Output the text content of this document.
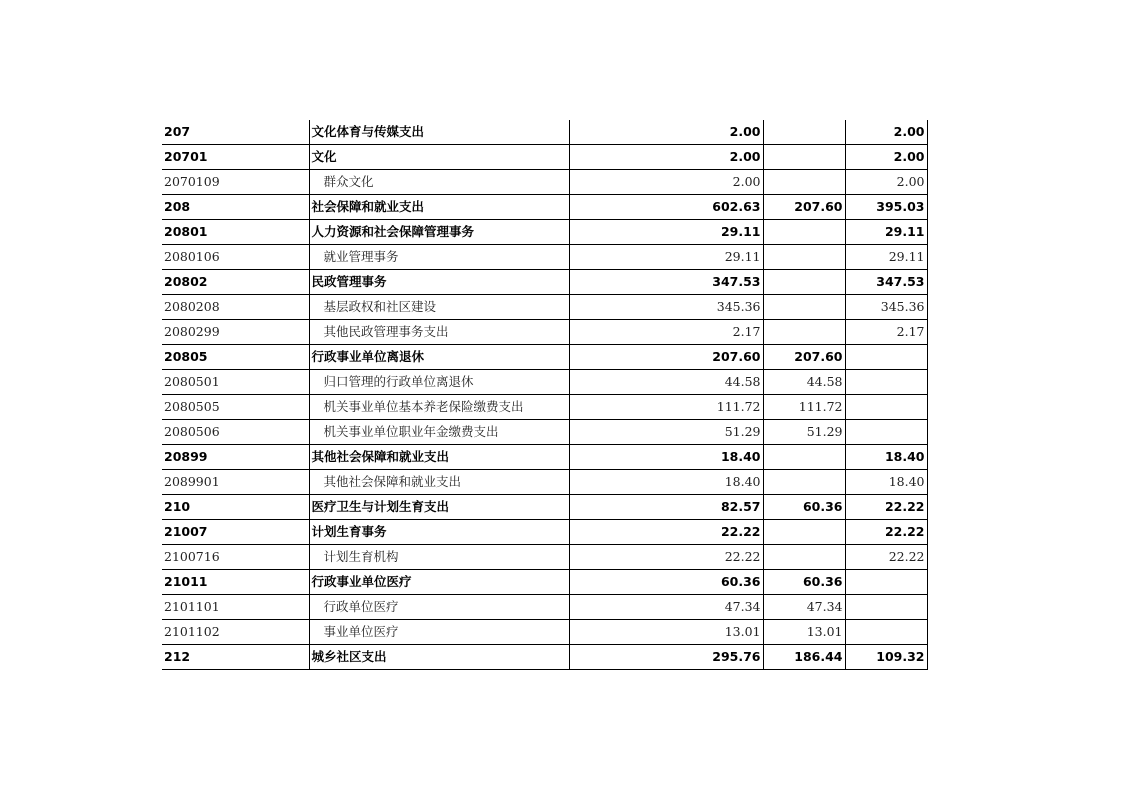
207	文化体育与传媒支出	2.00		2.00
20701	文化	2.00		2.00
2070109	群众文化	2.00		2.00
208	社会保障和就业支出	602.63	207.60	395.03
20801	人力资源和社会保障管理事务	29.11		29.11
2080106	就业管理事务	29.11		29.11
20802	民政管理事务	347.53		347.53
2080208	基层政权和社区建设	345.36		345.36
2080299	其他民政管理事务支出	2.17		2.17
20805	行政事业单位离退休	207.60	207.60	
2080501	归口管理的行政单位离退休	44.58	44.58	
2080505	机关事业单位基本养老保险缴费支出	111.72	111.72	
2080506	机关事业单位职业年金缴费支出	51.29	51.29	
20899	其他社会保障和就业支出	18.40		18.40
2089901	其他社会保障和就业支出	18.40		18.40
210	医疗卫生与计划生育支出	82.57	60.36	22.22
21007	计划生育事务	22.22		22.22
2100716	计划生育机构	22.22		22.22
21011	行政事业单位医疗	60.36	60.36	
2101101	行政单位医疗	47.34	47.34	
2101102	事业单位医疗	13.01	13.01	
212	城乡社区支出	295.76	186.44	109.32
